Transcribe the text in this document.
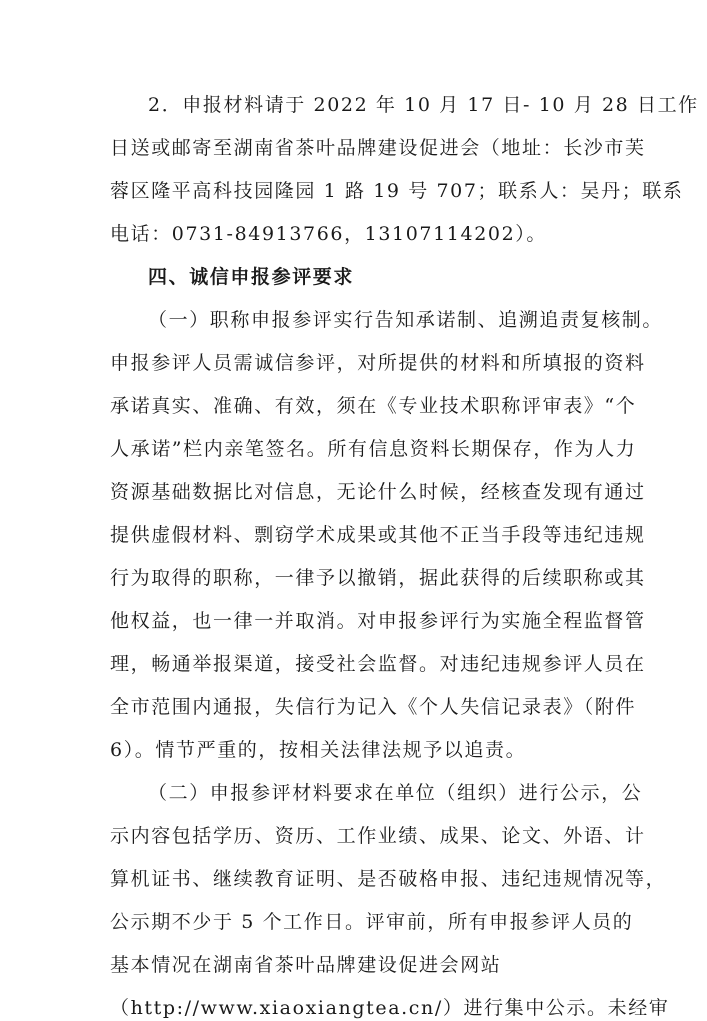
2．申报材料请于 2022 年 10 月 17 日- 10 月 28 日工作
日送或邮寄至湖南省茶叶品牌建设促进会（地址：长沙市芙
蓉区隆平高科技园隆园 1 路 19 号 707；联系人：吴丹；联系
电话：0731-84913766，13107114202）。
四、诚信申报参评要求
（一）职称申报参评实行告知承诺制、追溯追责复核制。
申报参评人员需诚信参评，对所提供的材料和所填报的资料
承诺真实、准确、有效，须在《专业技术职称评审表》“个
人承诺”栏内亲笔签名。所有信息资料长期保存，作为人力
资源基础数据比对信息，无论什么时候，经核查发现有通过
提供虚假材料、剽窃学术成果或其他不正当手段等违纪违规
行为取得的职称，一律予以撤销，据此获得的后续职称或其
他权益，也一律一并取消。对申报参评行为实施全程监督管
理，畅通举报渠道，接受社会监督。对违纪违规参评人员在
全市范围内通报，失信行为记入《个人失信记录表》（附件
6）。情节严重的，按相关法律法规予以追责。
（二）申报参评材料要求在单位（组织）进行公示，公
示内容包括学历、资历、工作业绩、成果、论文、外语、计
算机证书、继续教育证明、是否破格申报、违纪违规情况等，
公示期不少于 5 个工作日。评审前，所有申报参评人员的
基本情况在湖南省茶叶品牌建设促进会网站
（http://www.xiaoxiangtea.cn/）进行集中公示。未经审
